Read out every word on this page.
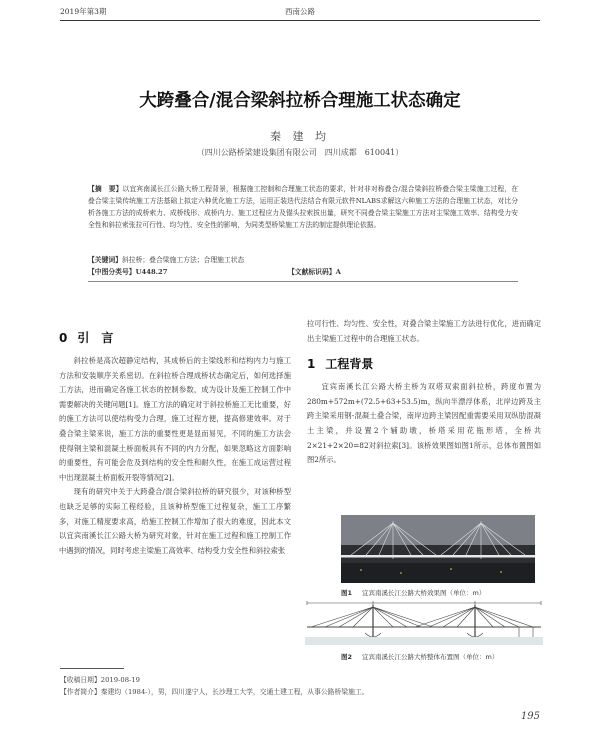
2019年第3期	西南公路
大跨叠合/混合梁斜拉桥合理施工状态确定
秦 建 均
（四川公路桥梁建设集团有限公司　四川成都　610041）
【摘　要】以宜宾南溪长江公路大桥工程背景，根据施工控制和合理施工状态的要求，针对非对称叠合/混合梁斜拉桥叠合梁主梁施工过程，在叠合梁主梁传统施工方法基础上拟定六种优化施工方法，运用正装迭代法结合有限元软件NLABS求解这六种施工方法的合理施工状态，对比分析各施工方法的成桥索力、成桥线形、成桥内力、施工过程应力及锚头拉索拔出量，研究不同叠合梁主梁施工方法对主梁施工效率、结构受力安全性和斜拉索张拉可行性、均匀性、安全性的影响，为同类型桥梁施工方法的制定提供理论依据。
【关键词】斜拉桥；叠合梁施工方法；合理施工状态
【中图分类号】U448.27	【文献标识码】A
0 引　言

斜拉桥是高次超静定结构，其成桥后的主梁线形和结构内力与施工方法和安装顺序关系密切。在斜拉桥合理成桥状态确定后，如何选择施工方法，进而确定各施工状态的控制参数，成为设计及施工控制工作中需要解决的关键问题[1]。施工方法的确定对于斜拉桥施工无比重要，好的施工方法可以使结构受力合理，施工过程方便，提高修建效率。对于叠合梁主梁来说，施工方法的重要性更是显而易见，不同的施工方法会使得钢主梁和混凝土桥面板具有不同的内力分配，如果忽略这方面影响的重要性，有可能会危及到结构的安全性和耐久性，在施工成运营过程中出现混凝土桥面板开裂等情况[2]。

现有的研究中关于大跨叠合/混合梁斜拉桥的研究很少，对该种桥型也缺乏足够的实际工程经验，且该种桥型施工过程复杂，施工工序繁多，对施工精度要求高，给施工控制工作增加了很大的难度，因此本文以宜宾南溪长江公路大桥为研究对象，针对在施工过程和施工控制工作中遇到的情况，同时考虑主梁施工高效率、结构受力安全性和斜拉索张

拉可行性、均匀性、安全性，对叠合梁主梁施工方法进行优化，进而确定出主梁施工过程中的合理施工状态。

1 工程背景

宜宾南溪长江公路大桥主桥为双塔双索面斜拉桥，跨度布置为 280m+572m+(72.5+63+53.5)m，纵向半漂浮体系，北岸边跨及主跨主梁采用钢-混凝土叠合梁，南岸边跨主梁因配重需要采用双纵肋混凝土主梁，并设置2个辅助墩，桥塔采用花瓶形塔，全桥共2×21+2×20=82对斜拉索[3]。该桥效果图如图1所示，总体布置图如图2所示。

图1 宜宾南溪长江公路大桥效果图（单位：m）
图2 宜宾南溪长江公路大桥整体布置图（单位：m）
【收稿日期】2019-08-19
【作者简介】秦建均（1984-），男，四川遂宁人，长沙理工大学，交通土建工程，从事公路桥梁施工。
195
